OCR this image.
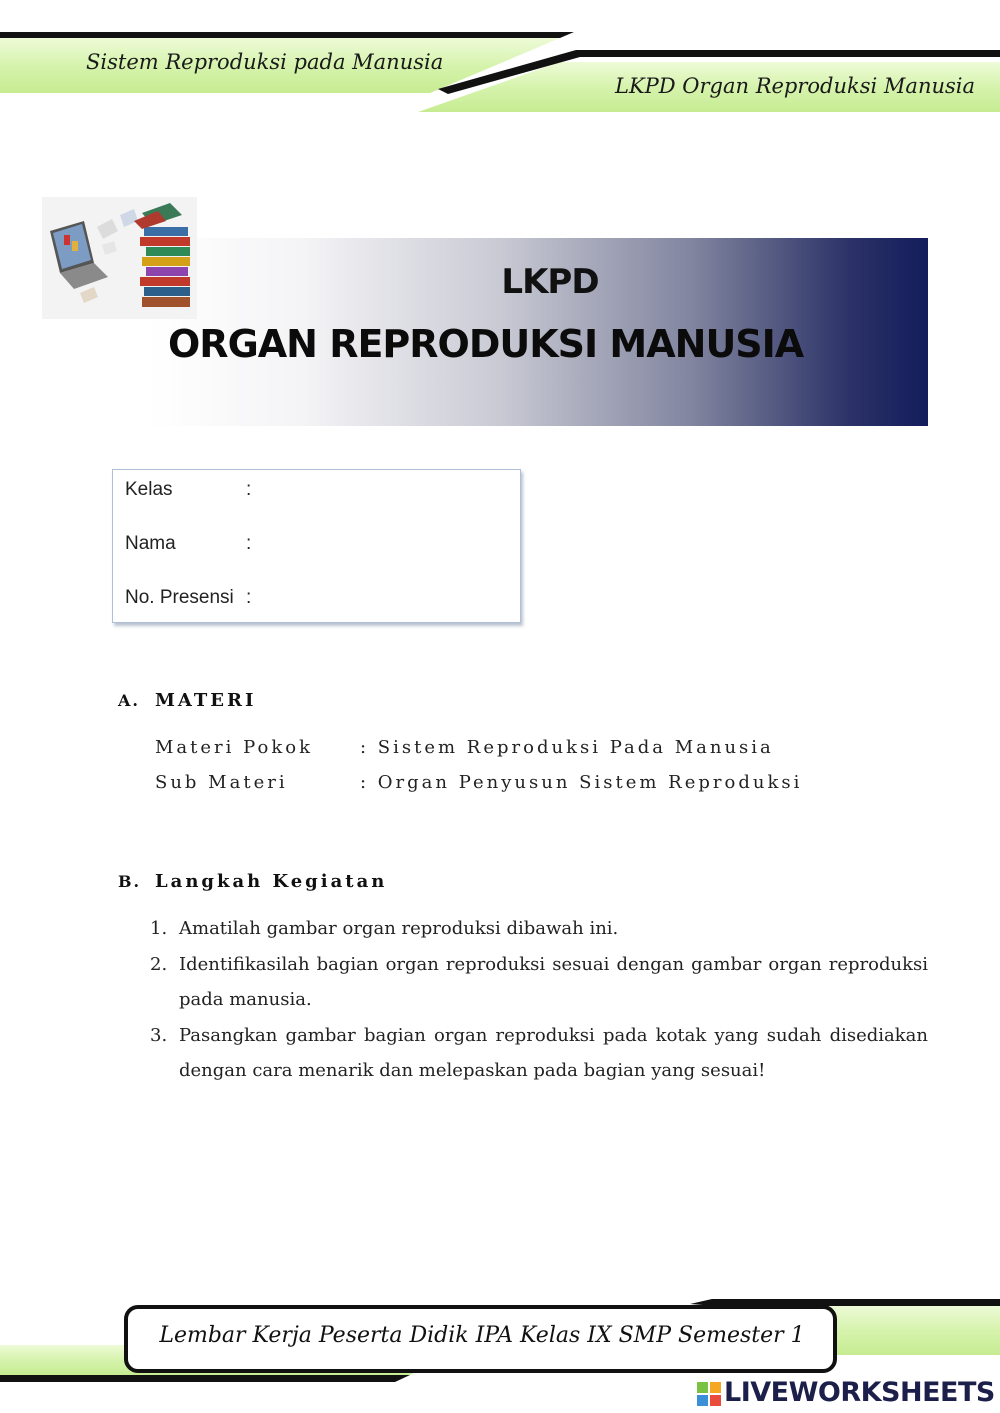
Sistem Reproduksi pada Manusia
LKPD Organ Reproduksi Manusia
LKPD
ORGAN REPRODUKSI MANUSIA
Kelas	:
Nama	:
No. Presensi :
A. MATERI
Materi Pokok	: Sistem Reproduksi Pada Manusia
Sub Materi	: Organ Penyusun Sistem Reproduksi
B. Langkah Kegiatan
1. Amatilah gambar organ reproduksi dibawah ini.
2. Identifikasilah bagian organ reproduksi sesuai dengan gambar organ reproduksi pada manusia.
3. Pasangkan gambar bagian organ reproduksi pada kotak yang sudah disediakan dengan cara menarik dan melepaskan pada bagian yang sesuai!
Lembar Kerja Peserta Didik IPA Kelas IX SMP Semester 1
LIVEWORKSHEETS
